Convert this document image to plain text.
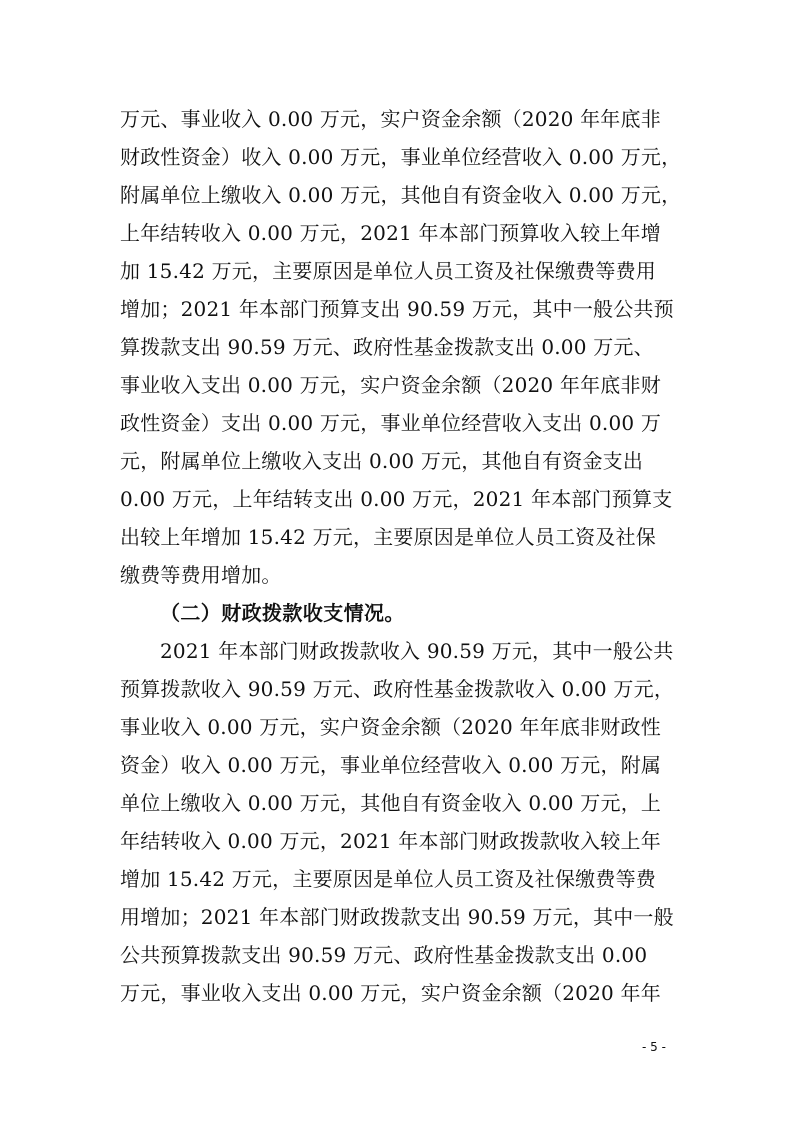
万元、事业收入 0.00 万元，实户资金余额（2020 年年底非
财政性资金）收入 0.00 万元，事业单位经营收入 0.00 万元，
附属单位上缴收入 0.00 万元，其他自有资金收入 0.00 万元，
上年结转收入 0.00 万元，2021 年本部门预算收入较上年增
加 15.42 万元，主要原因是单位人员工资及社保缴费等费用
增加；2021 年本部门预算支出 90.59 万元，其中一般公共预
算拨款支出 90.59 万元、政府性基金拨款支出 0.00 万元、
事业收入支出 0.00 万元，实户资金余额（2020 年年底非财
政性资金）支出 0.00 万元，事业单位经营收入支出 0.00 万
元，附属单位上缴收入支出 0.00 万元，其他自有资金支出
0.00 万元，上年结转支出 0.00 万元，2021 年本部门预算支
出较上年增加 15.42 万元，主要原因是单位人员工资及社保
缴费等费用增加。
（二）财政拨款收支情况。
2021 年本部门财政拨款收入 90.59 万元，其中一般公共
预算拨款收入 90.59 万元、政府性基金拨款收入 0.00 万元，
事业收入 0.00 万元，实户资金余额（2020 年年底非财政性
资金）收入 0.00 万元，事业单位经营收入 0.00 万元，附属
单位上缴收入 0.00 万元，其他自有资金收入 0.00 万元，上
年结转收入 0.00 万元，2021 年本部门财政拨款收入较上年
增加 15.42 万元，主要原因是单位人员工资及社保缴费等费
用增加；2021 年本部门财政拨款支出 90.59 万元，其中一般
公共预算拨款支出 90.59 万元、政府性基金拨款支出 0.00
万元，事业收入支出 0.00 万元，实户资金余额（2020 年年
- 5 -
